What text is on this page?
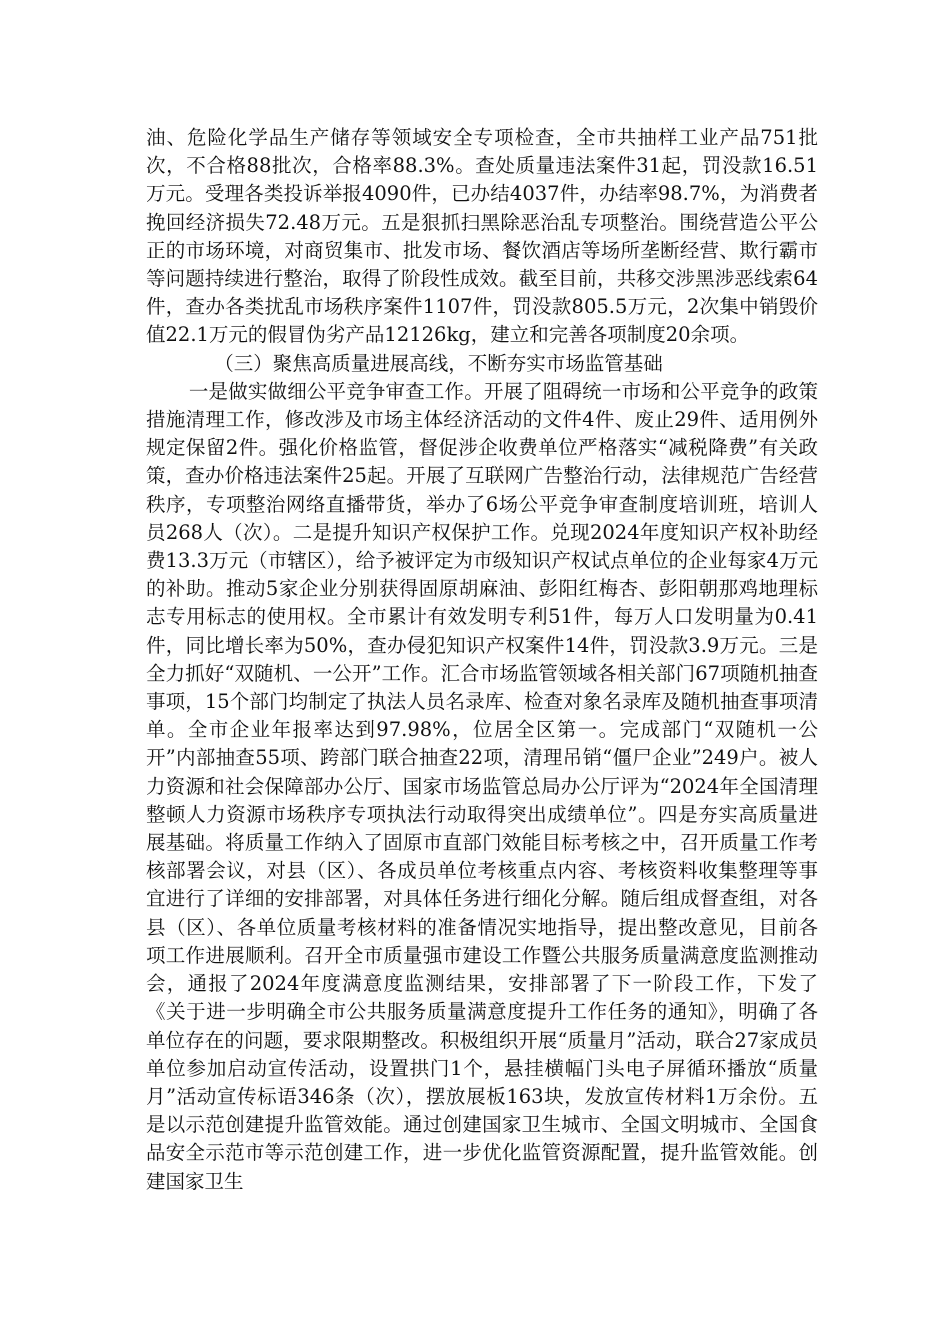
油、危险化学品生产储存等领域安全专项检查，全市共抽样工业产品751批次，不合格88批次，合格率88.3%。查处质量违法案件31起，罚没款16.51万元。受理各类投诉举报4090件，已办结4037件，办结率98.7%，为消费者挽回经济损失72.48万元。五是狠抓扫黑除恶治乱专项整治。围绕营造公平公正的市场环境，对商贸集市、批发市场、餐饮酒店等场所垄断经营、欺行霸市等问题持续进行整治，取得了阶段性成效。截至目前，共移交涉黑涉恶线索64件，查办各类扰乱市场秩序案件1107件，罚没款805.5万元，2次集中销毁价值22.1万元的假冒伪劣产品12126kg，建立和完善各项制度20余项。

（三）聚焦高质量进展高线，不断夯实市场监管基础

一是做实做细公平竞争审查工作。开展了阻碍统一市场和公平竞争的政策措施清理工作，修改涉及市场主体经济活动的文件4件、废止29件、适用例外规定保留2件。强化价格监管，督促涉企收费单位严格落实“减税降费”有关政策，查办价格违法案件25起。开展了互联网广告整治行动，法律规范广告经营秩序，专项整治网络直播带货，举办了6场公平竞争审查制度培训班，培训人员268人（次）。二是提升知识产权保护工作。兑现2024年度知识产权补助经费13.3万元（市辖区），给予被评定为市级知识产权试点单位的企业每家4万元的补助。推动5家企业分别获得固原胡麻油、彭阳红梅杏、彭阳朝那鸡地理标志专用标志的使用权。全市累计有效发明专利51件，每万人口发明量为0.41件，同比增长率为50%，查办侵犯知识产权案件14件，罚没款3.9万元。三是全力抓好“双随机、一公开”工作。汇合市场监管领域各相关部门67项随机抽查事项，15个部门均制定了执法人员名录库、检查对象名录库及随机抽查事项清单。全市企业年报率达到97.98%，位居全区第一。完成部门“双随机一公开”内部抽查55项、跨部门联合抽查22项，清理吊销“僵尸企业”249户。被人力资源和社会保障部办公厅、国家市场监管总局办公厅评为“2024年全国清理整顿人力资源市场秩序专项执法行动取得突出成绩单位”。四是夯实高质量进展基础。将质量工作纳入了固原市直部门效能目标考核之中，召开质量工作考核部署会议，对县（区）、各成员单位考核重点内容、考核资料收集整理等事宜进行了详细的安排部署，对具体任务进行细化分解。随后组成督查组，对各县（区）、各单位质量考核材料的准备情况实地指导，提出整改意见，目前各项工作进展顺利。召开全市质量强市建设工作暨公共服务质量满意度监测推动会，通报了2024年度满意度监测结果，安排部署了下一阶段工作，下发了《关于进一步明确全市公共服务质量满意度提升工作任务的通知》，明确了各单位存在的问题，要求限期整改。积极组织开展“质量月”活动，联合27家成员单位参加启动宣传活动，设置拱门1个，悬挂横幅门头电子屏循环播放“质量月”活动宣传标语346条（次），摆放展板163块，发放宣传材料1万余份。五是以示范创建提升监管效能。通过创建国家卫生城市、全国文明城市、全国食品安全示范市等示范创建工作，进一步优化监管资源配置，提升监管效能。创建国家卫生
